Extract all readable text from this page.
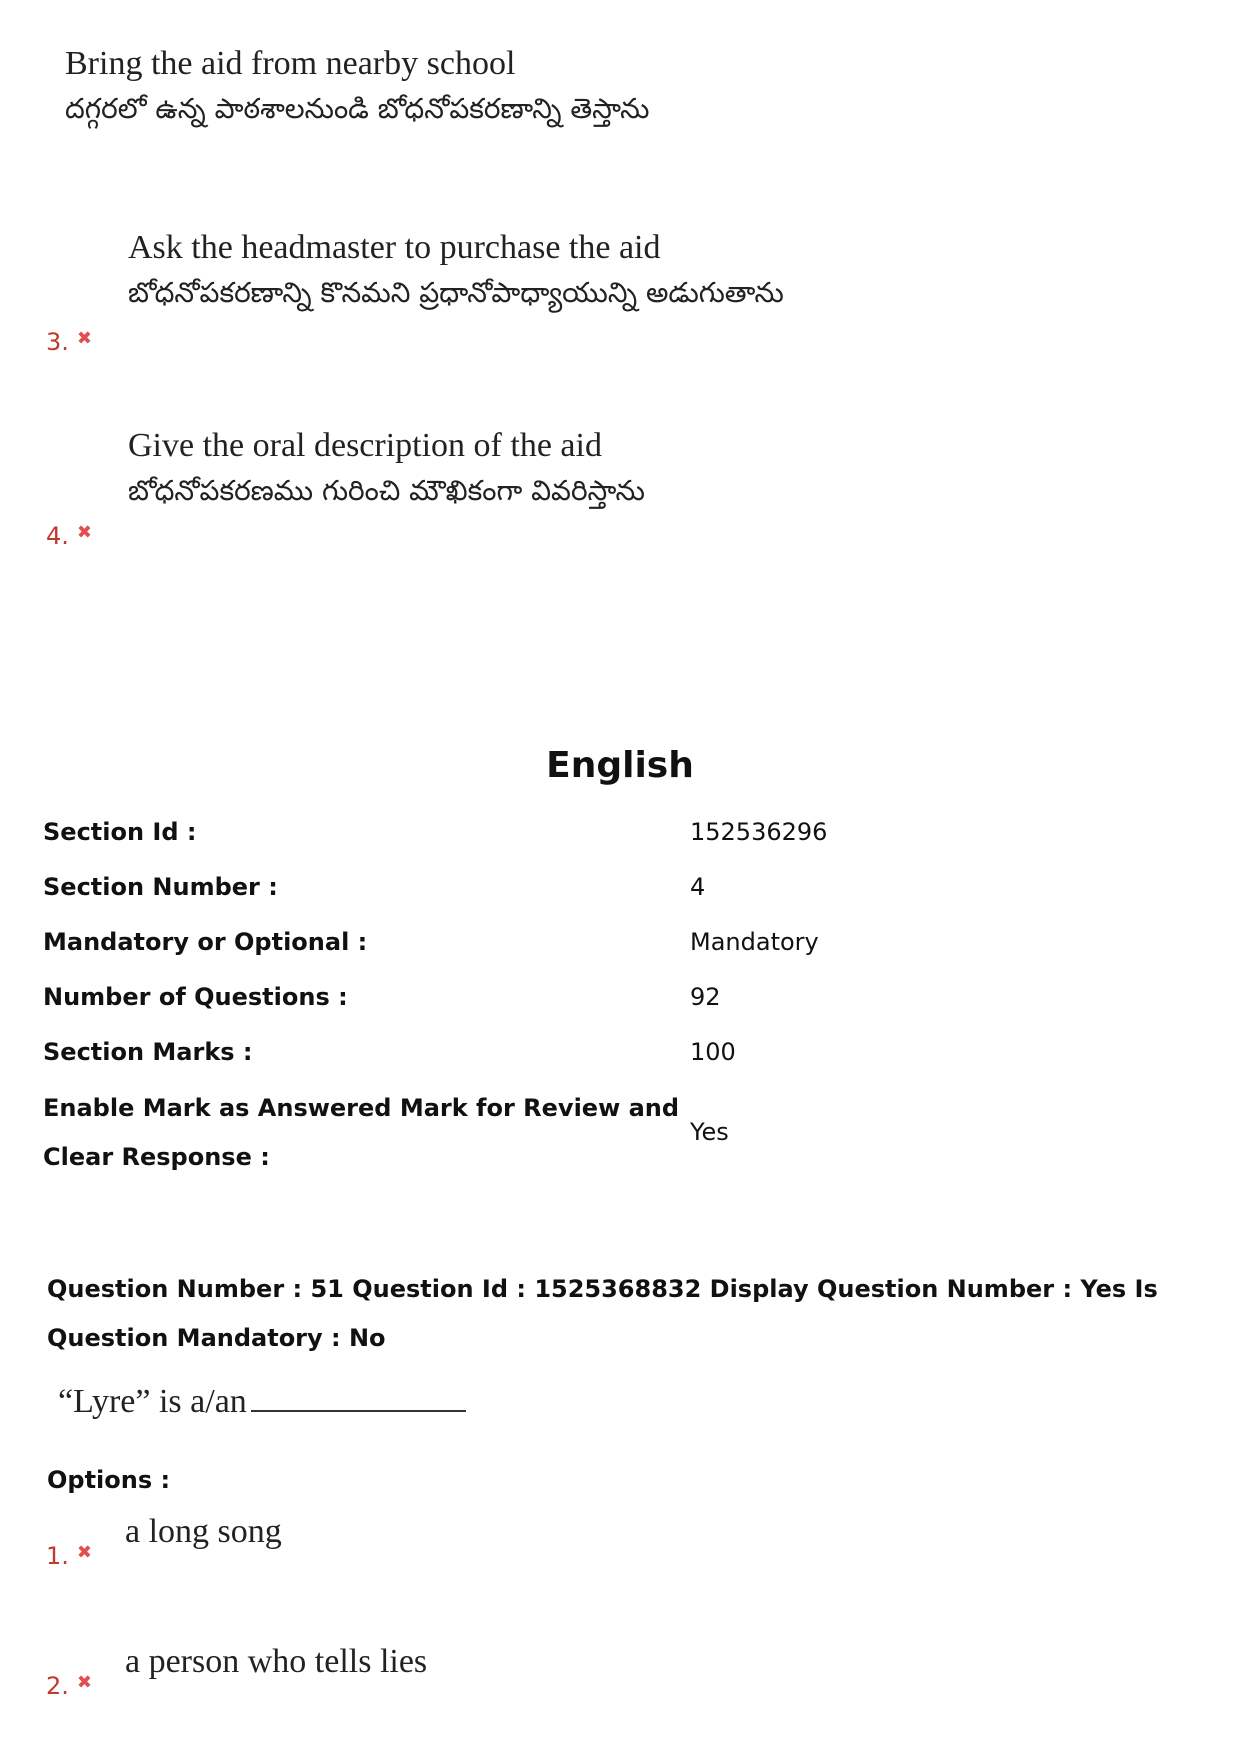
Bring the aid from nearby school
దగ్గరలో ఉన్న పాఠశాలనుండి బోధనోపకరణాన్ని తెస్తాను
Ask the headmaster to purchase the aid
బోధనోపకరణాన్ని కొనమని ప్రధానోపాధ్యాయున్ని అడుగుతాను
3. ✖
Give the oral description of the aid
బోధనోపకరణము గురించి మౌఖికంగా వివరిస్తాను
4. ✖
English
Section Id :	152536296
Section Number :	4
Mandatory or Optional :	Mandatory
Number of Questions :	92
Section Marks :	100
Enable Mark as Answered Mark for Review and
Clear Response :
Yes
Question Number : 51 Question Id : 1525368832 Display Question Number : Yes Is Question Mandatory : No
“Lyre” is a/an
Options :
a long song
1. ✖
a person who tells lies
2. ✖
